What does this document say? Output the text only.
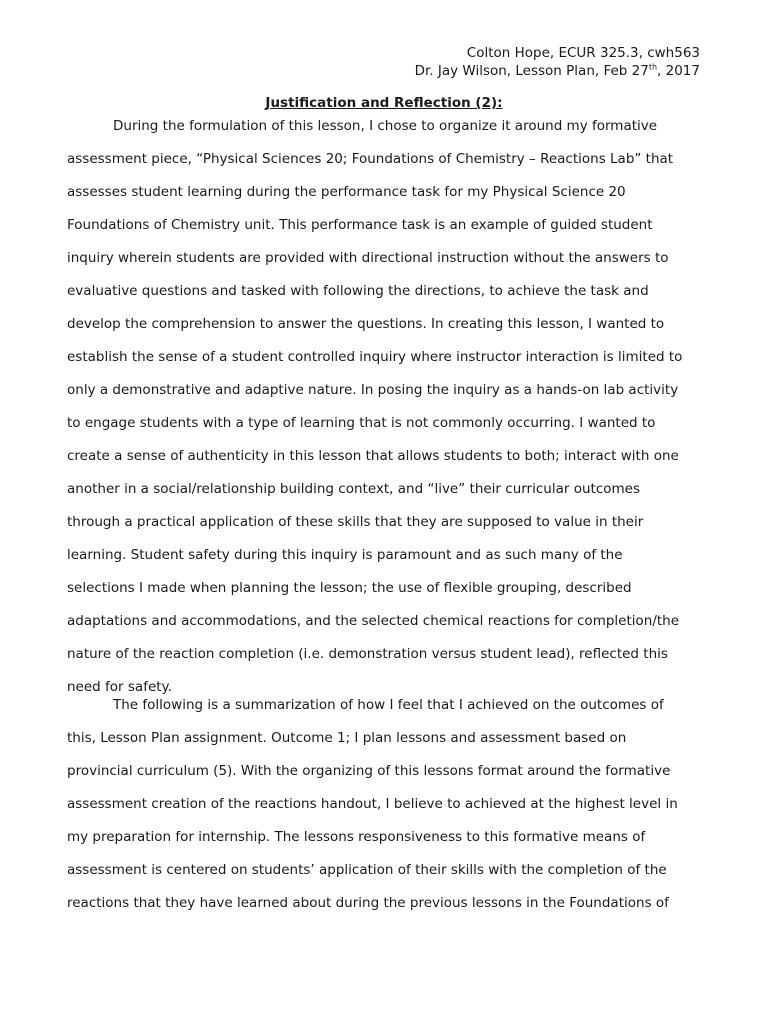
Colton Hope, ECUR 325.3, cwh563
Dr. Jay Wilson, Lesson Plan, Feb 27th, 2017
Justification and Reflection (2):
During the formulation of this lesson, I chose to organize it around my formative
assessment piece, “Physical Sciences 20; Foundations of Chemistry – Reactions Lab” that
assesses student learning during the performance task for my Physical Science 20
Foundations of Chemistry unit. This performance task is an example of guided student
inquiry wherein students are provided with directional instruction without the answers to
evaluative questions and tasked with following the directions, to achieve the task and
develop the comprehension to answer the questions. In creating this lesson, I wanted to
establish the sense of a student controlled inquiry where instructor interaction is limited to
only a demonstrative and adaptive nature. In posing the inquiry as a hands-on lab activity
to engage students with a type of learning that is not commonly occurring. I wanted to
create a sense of authenticity in this lesson that allows students to both; interact with one
another in a social/relationship building context, and “live” their curricular outcomes
through a practical application of these skills that they are supposed to value in their
learning. Student safety during this inquiry is paramount and as such many of the
selections I made when planning the lesson; the use of flexible grouping, described
adaptations and accommodations, and the selected chemical reactions for completion/the
nature of the reaction completion (i.e. demonstration versus student lead), reflected this
need for safety.
The following is a summarization of how I feel that I achieved on the outcomes of
this, Lesson Plan assignment. Outcome 1; I plan lessons and assessment based on
provincial curriculum (5). With the organizing of this lessons format around the formative
assessment creation of the reactions handout, I believe to achieved at the highest level in
my preparation for internship. The lessons responsiveness to this formative means of
assessment is centered on students’ application of their skills with the completion of the
reactions that they have learned about during the previous lessons in the Foundations of
